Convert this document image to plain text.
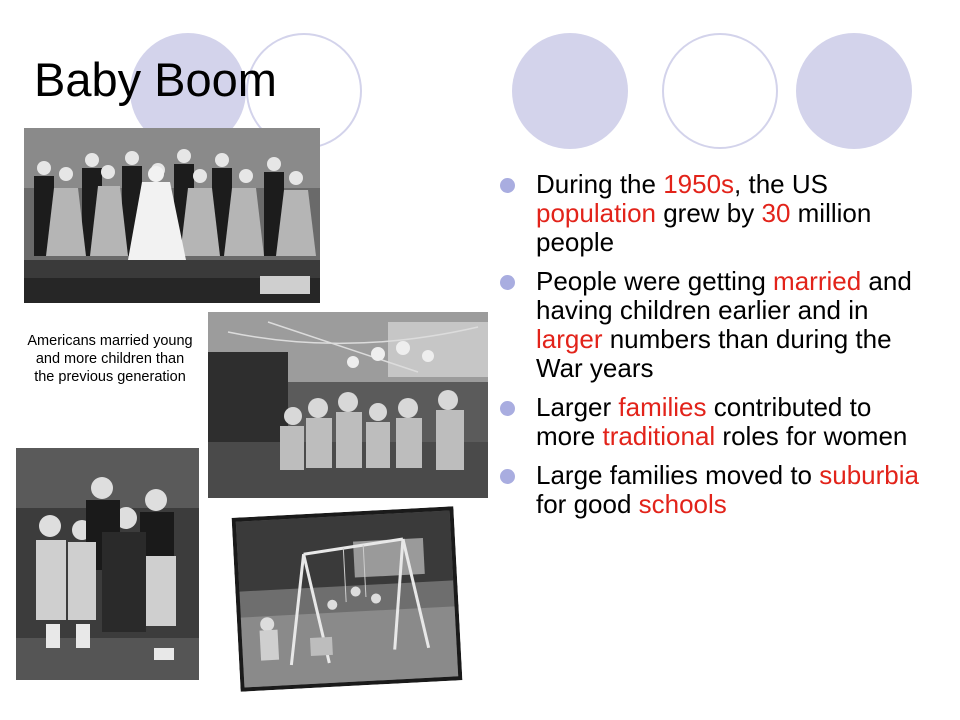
Baby Boom
Americans married young and more children than the previous generation
During the 1950s, the US population grew by 30 million people
People were getting married and having children earlier and in larger numbers than during the War years
Larger families contributed to more traditional roles for women
Large families moved to suburbia for good schools
